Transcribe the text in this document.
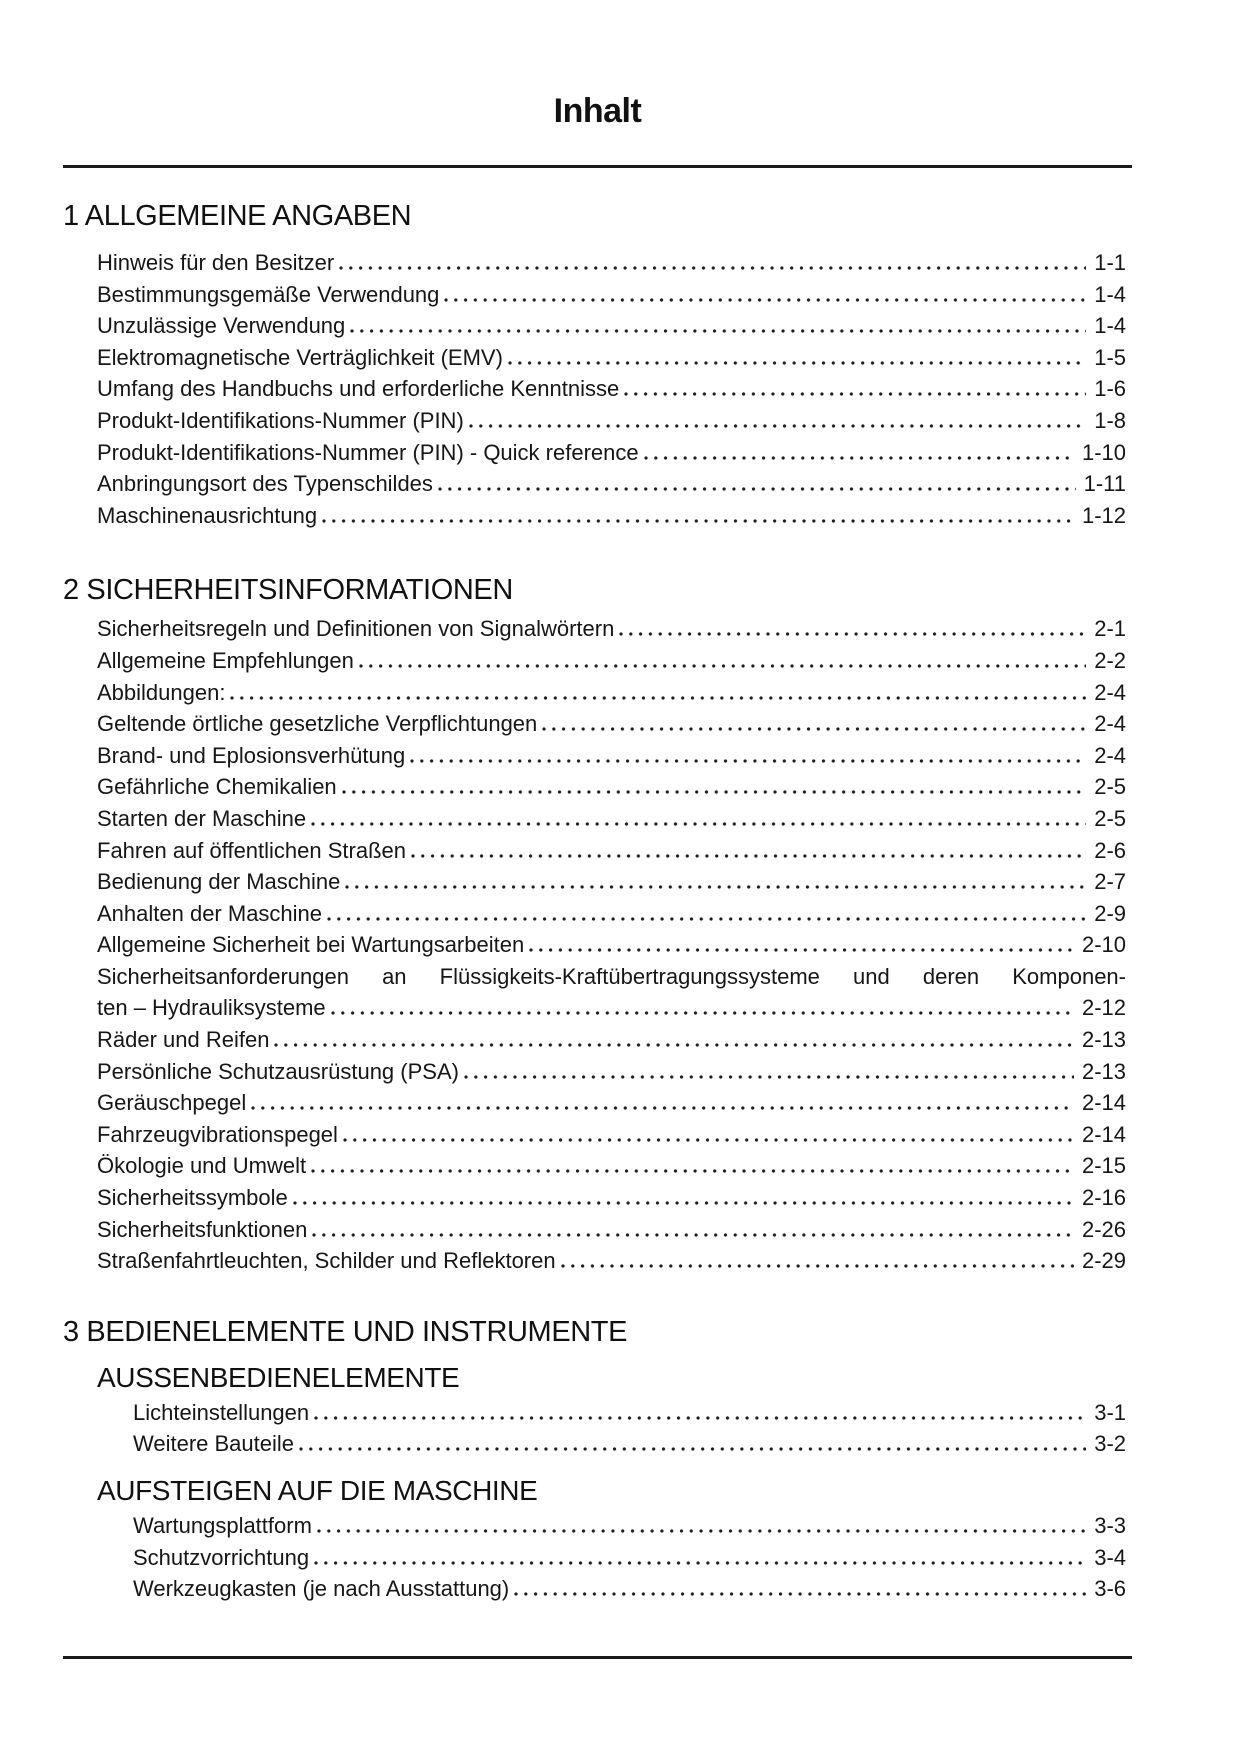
Inhalt
1 ALLGEMEINE ANGABEN
Hinweis für den Besitzer	1-1
Bestimmungsgemäße Verwendung	1-4
Unzulässige Verwendung	1-4
Elektromagnetische Verträglichkeit (EMV)	1-5
Umfang des Handbuchs und erforderliche Kenntnisse	1-6
Produkt-Identifikations-Nummer (PIN)	1-8
Produkt-Identifikations-Nummer (PIN) - Quick reference	1-10
Anbringungsort des Typenschildes	1-11
Maschinenausrichtung	1-12
2 SICHERHEITSINFORMATIONEN
Sicherheitsregeln und Definitionen von Signalwörtern	2-1
Allgemeine Empfehlungen	2-2
Abbildungen:	2-4
Geltende örtliche gesetzliche Verpflichtungen	2-4
Brand- und Eplosionsverhütung	2-4
Gefährliche Chemikalien	2-5
Starten der Maschine	2-5
Fahren auf öffentlichen Straßen	2-6
Bedienung der Maschine	2-7
Anhalten der Maschine	2-9
Allgemeine Sicherheit bei Wartungsarbeiten	2-10
Sicherheitsanforderungen an Flüssigkeits-Kraftübertragungssysteme und deren Komponen-
ten – Hydrauliksysteme	2-12
Räder und Reifen	2-13
Persönliche Schutzausrüstung (PSA)	2-13
Geräuschpegel	2-14
Fahrzeugvibrationspegel	2-14
Ökologie und Umwelt	2-15
Sicherheitssymbole	2-16
Sicherheitsfunktionen	2-26
Straßenfahrtleuchten, Schilder und Reflektoren	2-29
3 BEDIENELEMENTE UND INSTRUMENTE
AUSSENBEDIENELEMENTE
Lichteinstellungen	3-1
Weitere Bauteile	3-2
AUFSTEIGEN AUF DIE MASCHINE
Wartungsplattform	3-3
Schutzvorrichtung	3-4
Werkzeugkasten (je nach Ausstattung)	3-6
